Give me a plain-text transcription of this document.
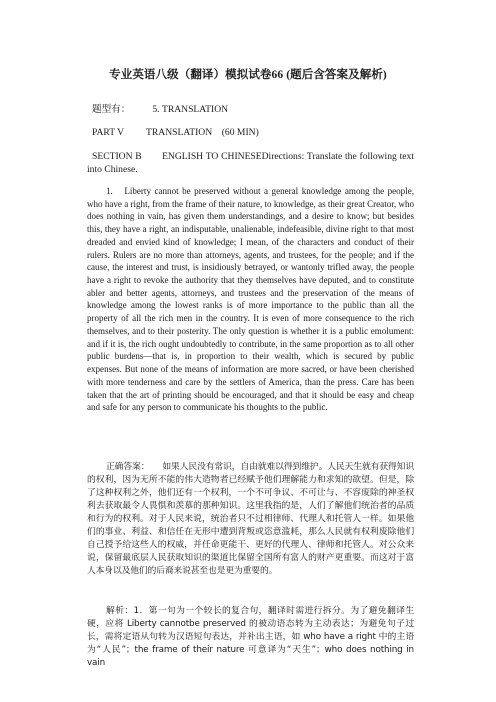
专业英语八级（翻译）模拟试卷66 (题后含答案及解析)
题型有： 5. TRANSLATION
PART V TRANSLATION　(60 MIN)

SECTION B　　 ENGLISH TO CHINESEDirections: Translate the following text into Chinese.

1.　Liberty cannot be preserved without a general knowledge among the people, who have a right, from the frame of their nature, to knowledge, as their great Creator, who does nothing in vain, has given them understandings, and a desire to know; but besides this, they have a right, an indisputable, unalienable, indefeasible, divine right to that most dreaded and envied kind of knowledge; I mean, of the characters and conduct of their rulers. Rulers are no more than attorneys, agents, and trustees, for the people; and if the cause, the interest and trust, is insidiously betrayed, or wantonly trifled away, the people have a right to revoke the authority that they themselves have deputed, and to constitute abler and better agents, attorneys, and trustees and the preservation of the means of knowledge among the lowest ranks is of more importance to the public than all the property of all the rich men in the country. It is even of more consequence to the rich themselves, and to their posterity. The only question is whether it is a public emolument: and if it is, the rich ought undoubtedly to contribute, in the same proportion as to all other public burdens—that is, in proportion to their wealth, which is secured by public expenses. But none of the means of information are more sacred, or have been cherished with more tenderness and care by the settlers of America, than the press. Care has been taken that the art of printing should be encouraged, and that it should be easy and cheap and safe for any person to communicate his thoughts to the public.

正确答案：　　如果人民没有常识，自由就难以得到维护。人民天生就有获得知识的权利，因为无所不能的伟大造物者已经赋予他们理解能力和求知的欲望。但是，除了这种权利之外，他们还有一个权利，一个不可争议、不可让与、不容废除的神圣权利去获取最令人畏惧和羡慕的那种知识。这里我指的是，人们了解他们统治者的品质和行为的权利。对于人民来说，统治者只不过相律师、代理人和托管人一样。如果他们的事业、利益、和信任在无形中遭到背叛或恣意滥耗，那么人民就有权利废除他们自己授予给这些人的权威，并任命更能干、更好的代理人、律师和托管人。对公众来说，保留最底层人民获取知识的渠道比保留全国所有富人的财产更重要。而这对于富人本身以及他们的后裔来说甚至也是更为重要的。

解析：1．第一句为一个较长的复合句，翻译时需进行拆分。为了避免翻译生硬，应将 Liberty cannotbe preserved 的被动语态转为主动表达；为避免句子过长，需将定语从句转为汉语短句表达，并补出主语，如 who have a right 中的主语为“人民”；the frame of their nature 可意译为“天生”；who does nothing in vain
